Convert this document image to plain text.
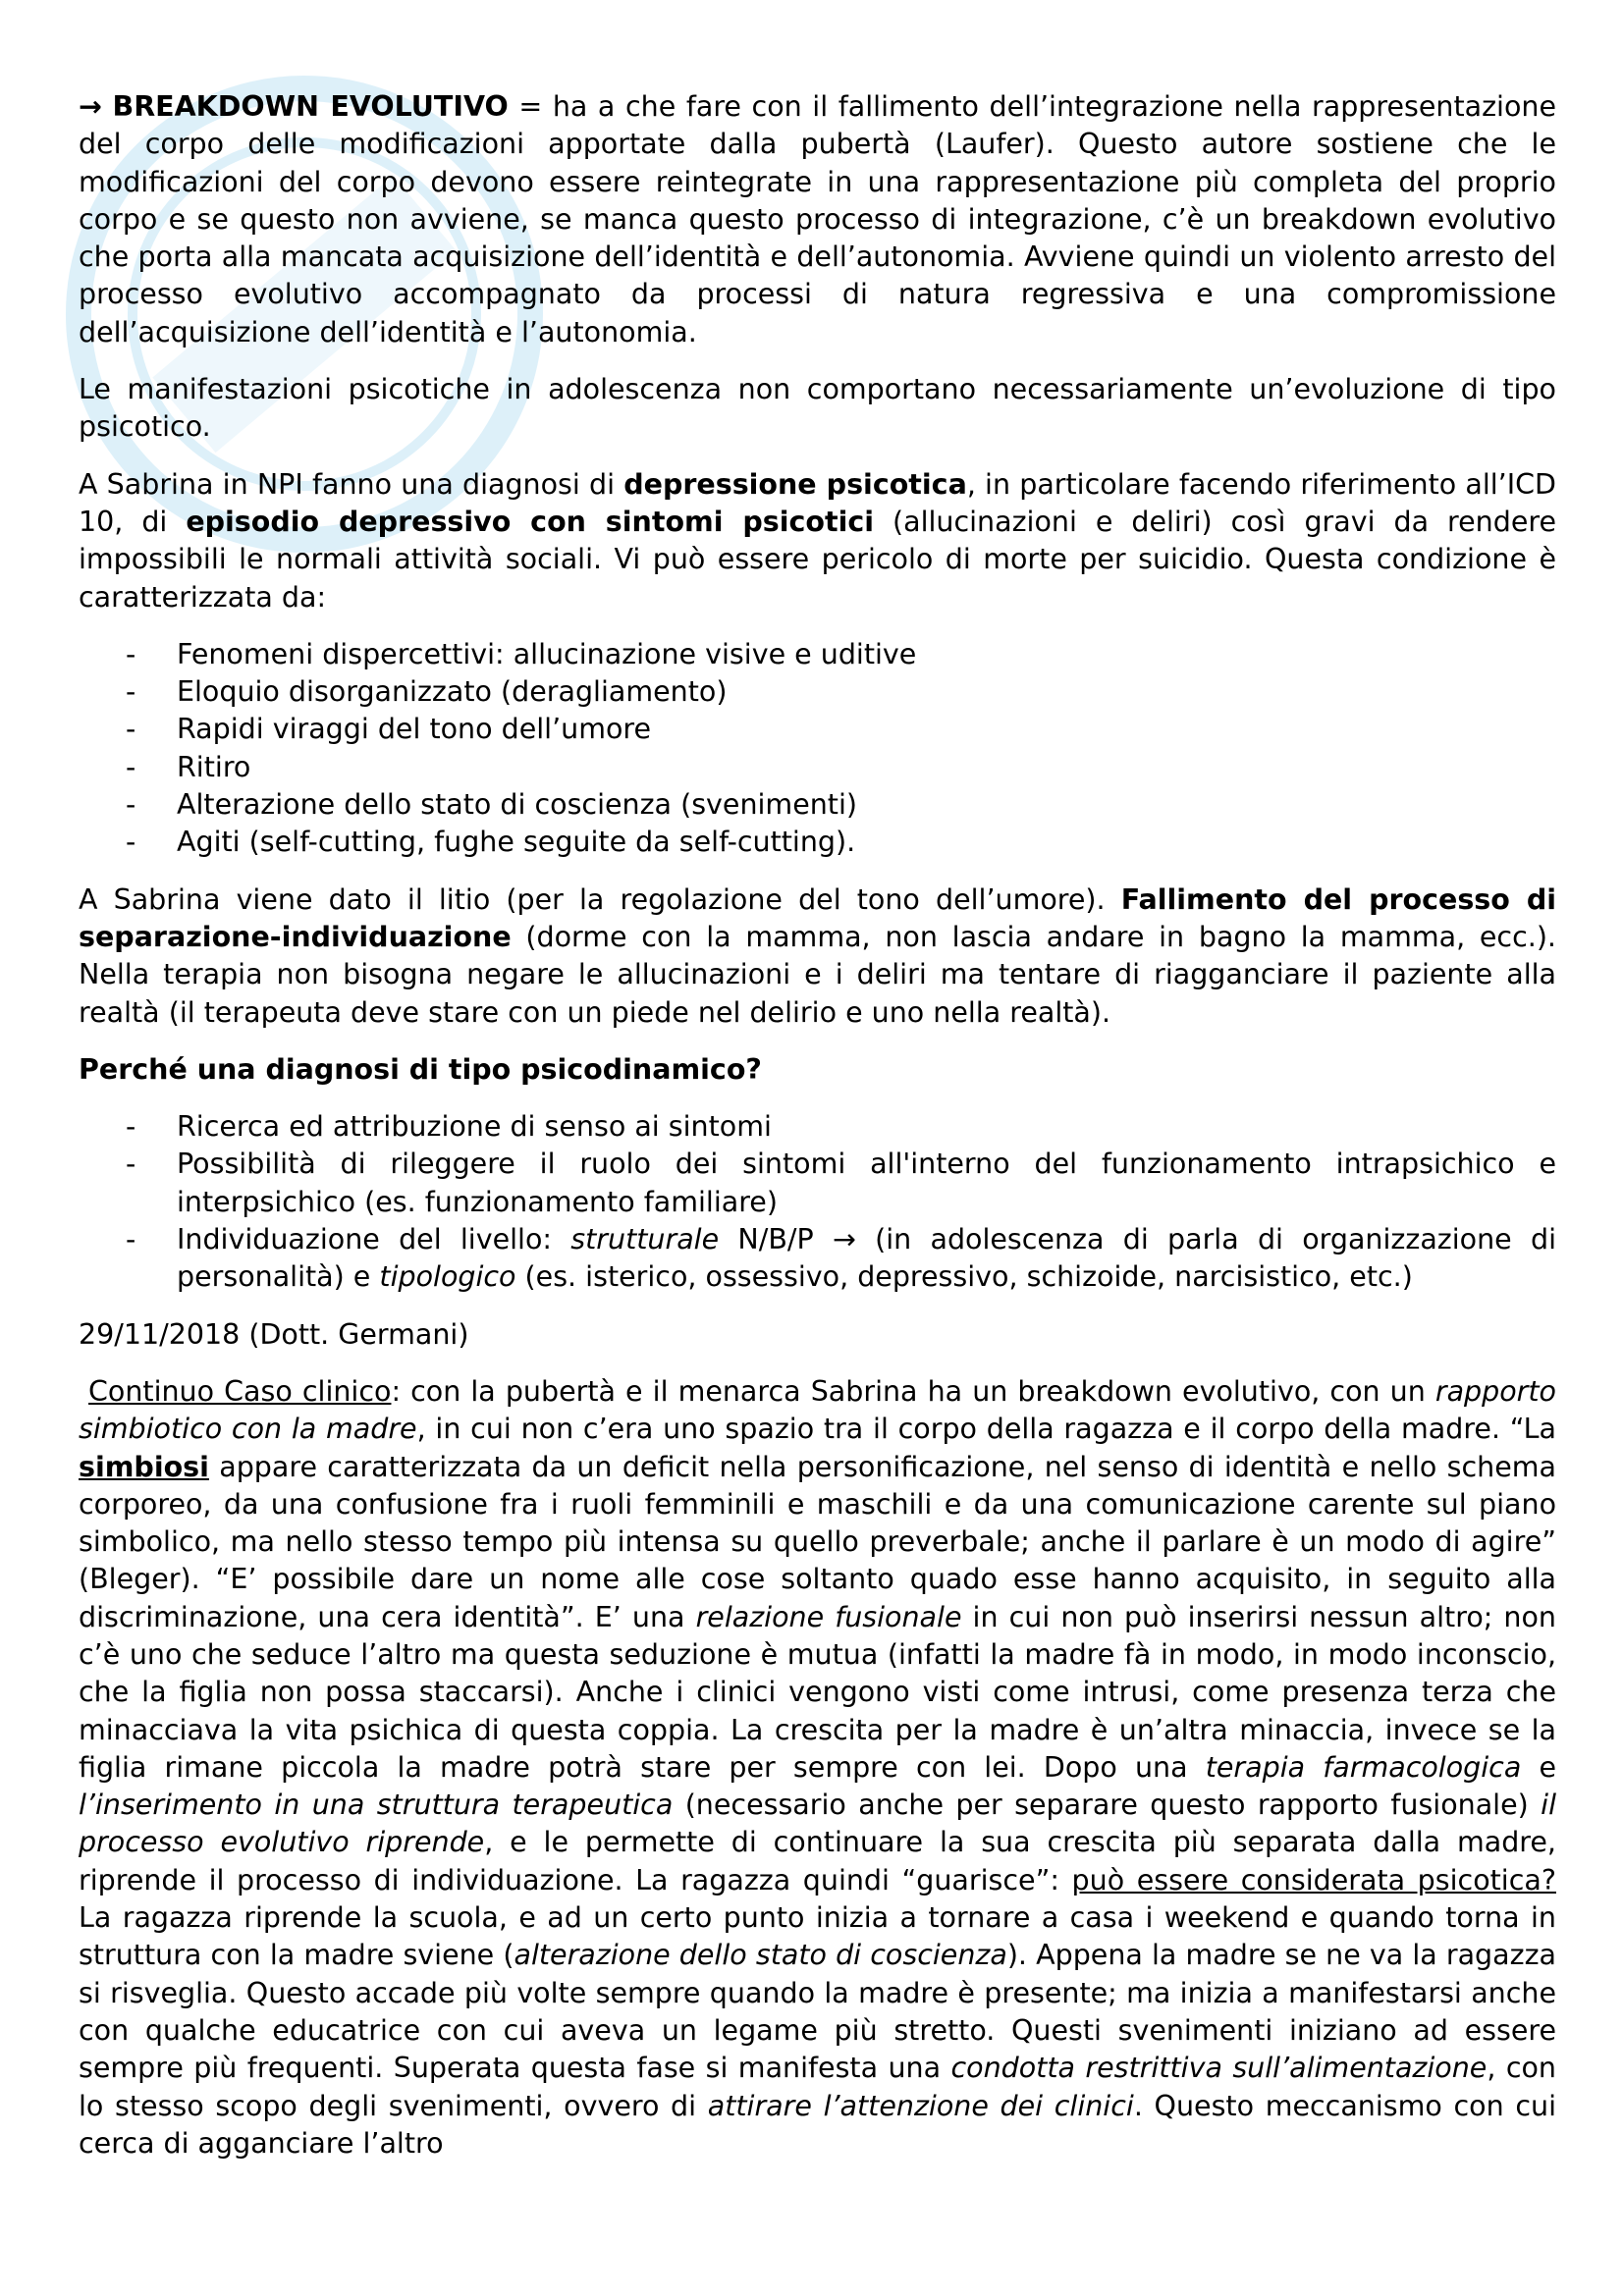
→ BREAKDOWN EVOLUTIVO = ha a che fare con il fallimento dell’integrazione nella rappresentazione del corpo delle modificazioni apportate dalla pubertà (Laufer). Questo autore sostiene che le modificazioni del corpo devono essere reintegrate in una rappresentazione più completa del proprio corpo e se questo non avviene, se manca questo processo di integrazione, c’è un breakdown evolutivo che porta alla mancata acquisizione dell’identità e dell’autonomia. Avviene quindi un violento arresto del processo evolutivo accompagnato da processi di natura regressiva e una compromissione dell’acquisizione dell’identità e l’autonomia.

Le manifestazioni psicotiche in adolescenza non comportano necessariamente un’evoluzione di tipo psicotico.

A Sabrina in NPI fanno una diagnosi di depressione psicotica, in particolare facendo riferimento all’ICD 10, di episodio depressivo con sintomi psicotici (allucinazioni e deliri) così gravi da rendere impossibili le normali attività sociali. Vi può essere pericolo di morte per suicidio. Questa condizione è caratterizzata da:

- Fenomeni dispercettivi: allucinazione visive e uditive
- Eloquio disorganizzato (deragliamento)
- Rapidi viraggi del tono dell’umore
- Ritiro
- Alterazione dello stato di coscienza (svenimenti)
- Agiti (self-cutting, fughe seguite da self-cutting).

A Sabrina viene dato il litio (per la regolazione del tono dell’umore). Fallimento del processo di separazione-individuazione (dorme con la mamma, non lascia andare in bagno la mamma, ecc.). Nella terapia non bisogna negare le allucinazioni e i deliri ma tentare di riagganciare il paziente alla realtà (il terapeuta deve stare con un piede nel delirio e uno nella realtà).

Perché una diagnosi di tipo psicodinamico?
- Ricerca ed attribuzione di senso ai sintomi
- Possibilità di rileggere il ruolo dei sintomi all'interno del funzionamento intrapsichico e interpsichico (es. funzionamento familiare)
- Individuazione del livello: strutturale N/B/P → (in adolescenza di parla di organizzazione di personalità) e tipologico (es. isterico, ossessivo, depressivo, schizoide, narcisistico, etc.)

29/11/2018 (Dott. Germani)

Continuo Caso clinico: con la pubertà e il menarca Sabrina ha un breakdown evolutivo, con un rapporto simbiotico con la madre, in cui non c’era uno spazio tra il corpo della ragazza e il corpo della madre. “La simbiosi appare caratterizzata da un deficit nella personificazione, nel senso di identità e nello schema corporeo, da una confusione fra i ruoli femminili e maschili e da una comunicazione carente sul piano simbolico, ma nello stesso tempo più intensa su quello preverbale; anche il parlare è un modo di agire” (Bleger). “E’ possibile dare un nome alle cose soltanto quado esse hanno acquisito, in seguito alla discriminazione, una cera identità”. E’ una relazione fusionale in cui non può inserirsi nessun altro; non c’è uno che seduce l’altro ma questa seduzione è mutua (infatti la madre fà in modo, in modo inconscio, che la figlia non possa staccarsi). Anche i clinici vengono visti come intrusi, come presenza terza che minacciava la vita psichica di questa coppia. La crescita per la madre è un’altra minaccia, invece se la figlia rimane piccola la madre potrà stare per sempre con lei. Dopo una terapia farmacologica e l’inserimento in una struttura terapeutica (necessario anche per separare questo rapporto fusionale) il processo evolutivo riprende, e le permette di continuare la sua crescita più separata dalla madre, riprende il processo di individuazione. La ragazza quindi “guarisce”: può essere considerata psicotica? La ragazza riprende la scuola, e ad un certo punto inizia a tornare a casa i weekend e quando torna in struttura con la madre sviene (alterazione dello stato di coscienza). Appena la madre se ne va la ragazza si risveglia. Questo accade più volte sempre quando la madre è presente; ma inizia a manifestarsi anche con qualche educatrice con cui aveva un legame più stretto. Questi svenimenti iniziano ad essere sempre più frequenti. Superata questa fase si manifesta una condotta restrittiva sull’alimentazione, con lo stesso scopo degli svenimenti, ovvero di attirare l’attenzione dei clinici. Questo meccanismo con cui cerca di agganciare l’altro
